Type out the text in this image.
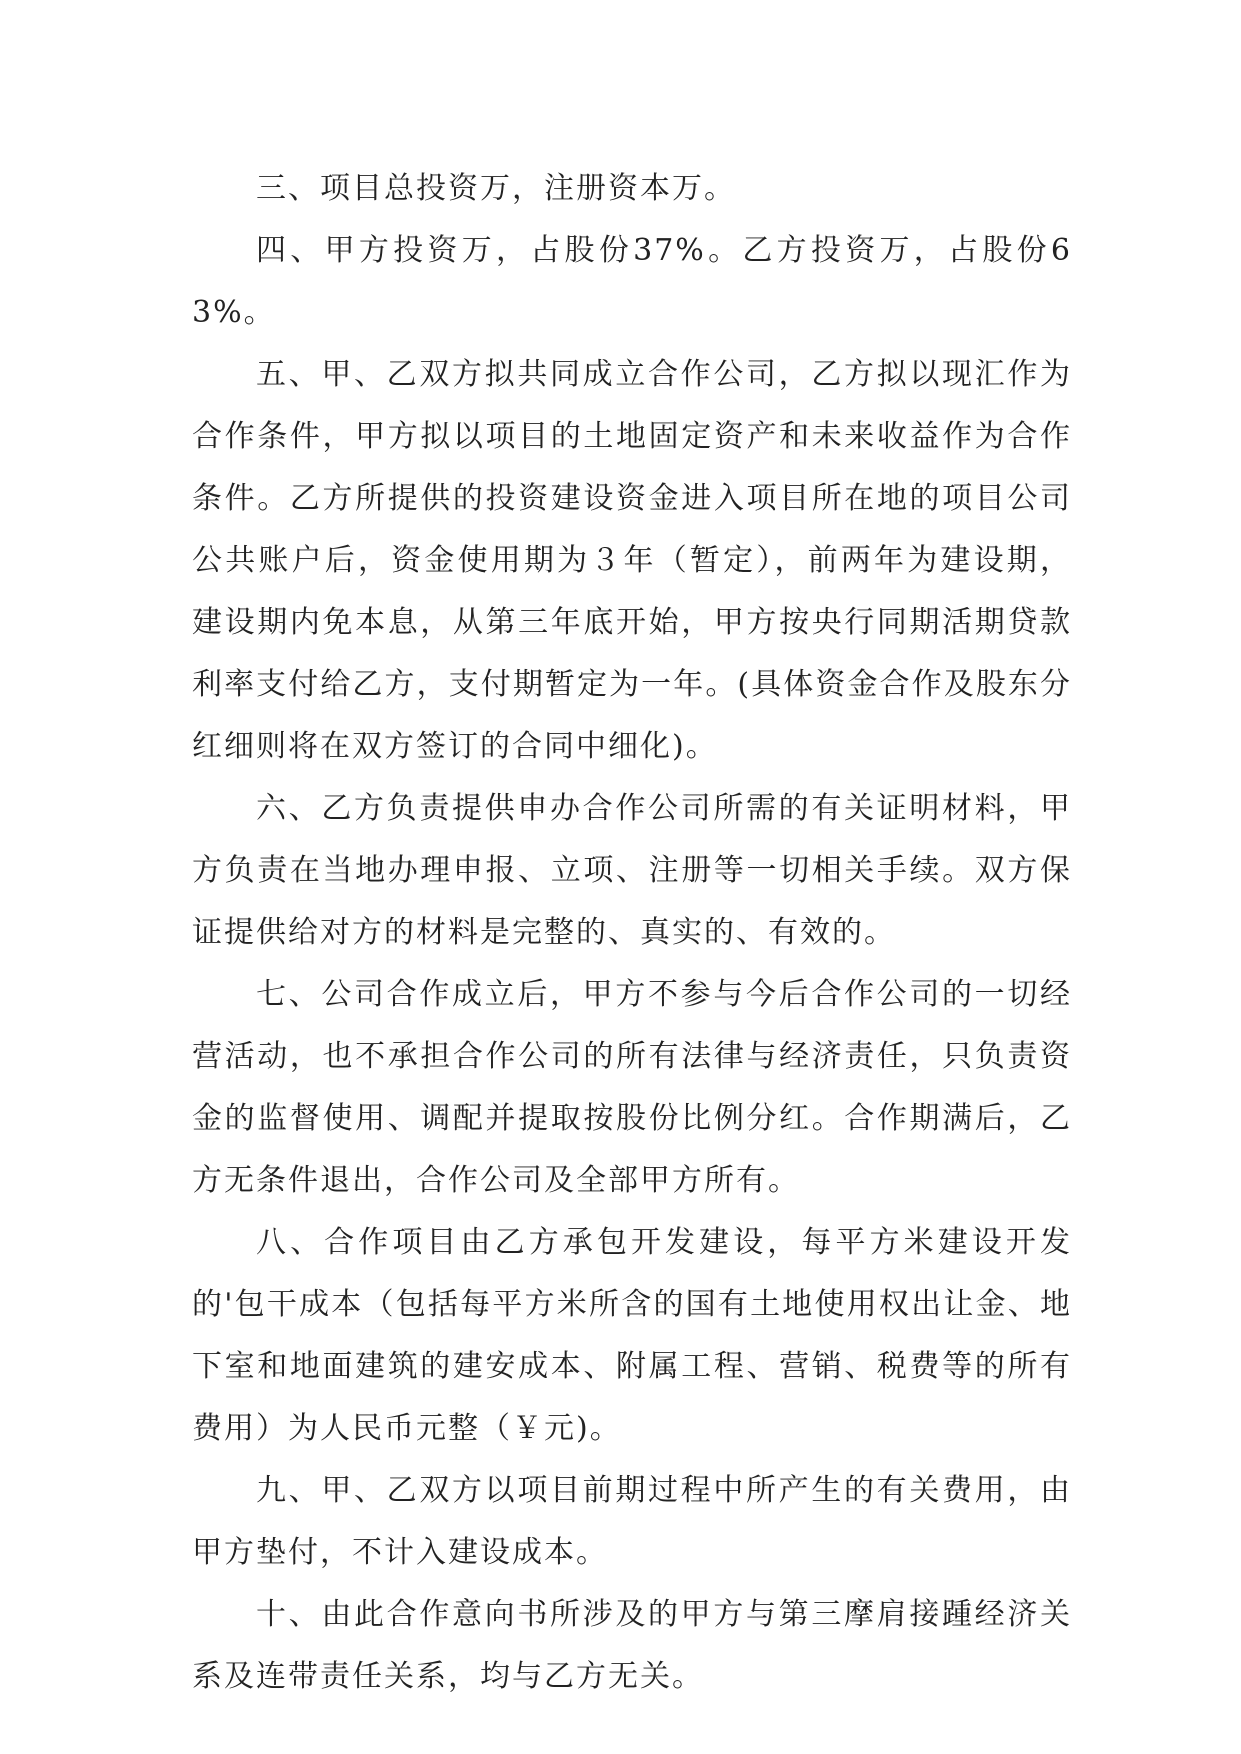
三、项目总投资万，注册资本万。

四、甲方投资万，占股份37%。乙方投资万，占股份63%。

五、甲、乙双方拟共同成立合作公司，乙方拟以现汇作为合作条件，甲方拟以项目的土地固定资产和未来收益作为合作条件。乙方所提供的投资建设资金进入项目所在地的项目公司公共账户后，资金使用期为３年（暂定），前两年为建设期，建设期内免本息，从第三年底开始，甲方按央行同期活期贷款利率支付给乙方，支付期暂定为一年。(具体资金合作及股东分红细则将在双方签订的合同中细化)。

六、乙方负责提供申办合作公司所需的有关证明材料，甲方负责在当地办理申报、立项、注册等一切相关手续。双方保证提供给对方的材料是完整的、真实的、有效的。

七、公司合作成立后，甲方不参与今后合作公司的一切经营活动，也不承担合作公司的所有法律与经济责任，只负责资金的监督使用、调配并提取按股份比例分红。合作期满后，乙方无条件退出，合作公司及全部甲方所有。

八、合作项目由乙方承包开发建设，每平方米建设开发的'包干成本（包括每平方米所含的国有土地使用权出让金、地下室和地面建筑的建安成本、附属工程、营销、税费等的所有费用）为人民币元整（￥元)。

九、甲、乙双方以项目前期过程中所产生的有关费用，由甲方垫付，不计入建设成本。

十、由此合作意向书所涉及的甲方与第三摩肩接踵经济关系及连带责任关系，均与乙方无关。
